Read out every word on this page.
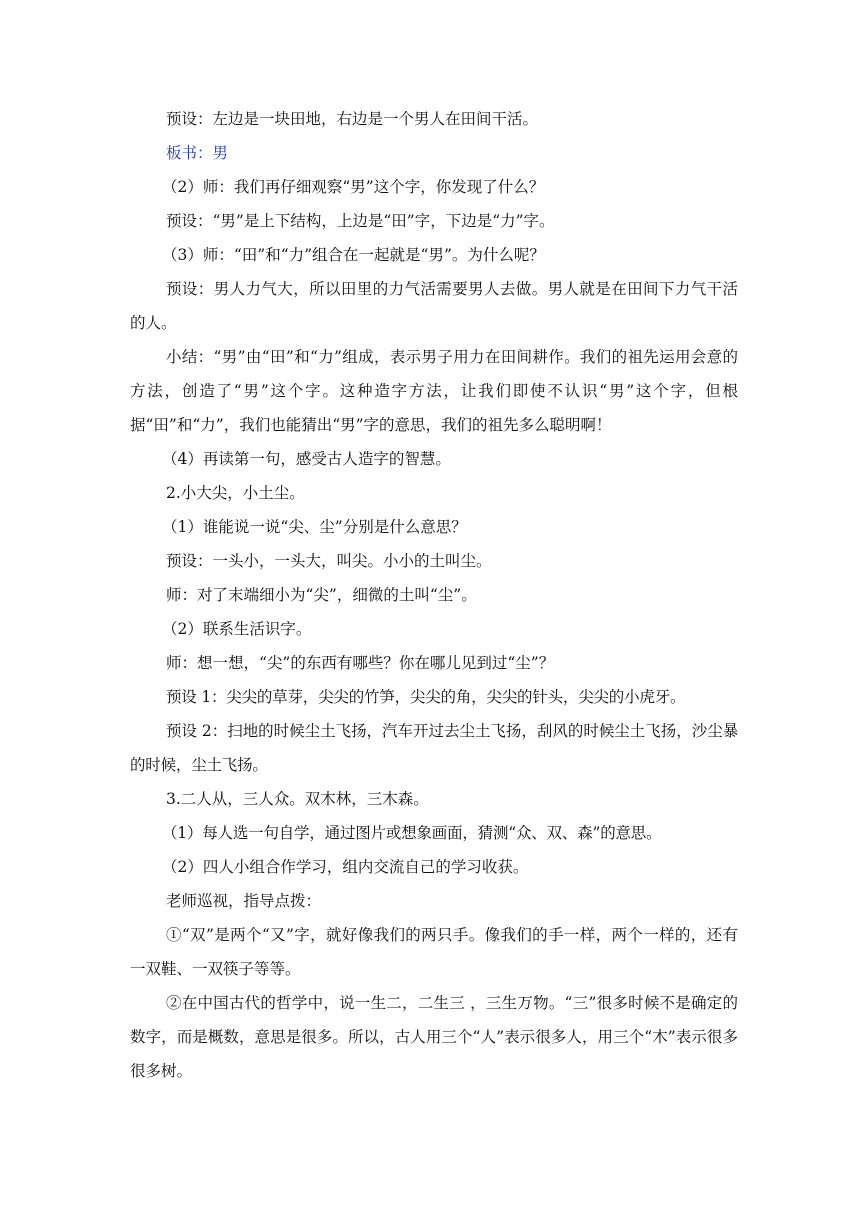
预设：左边是一块田地，右边是一个男人在田间干活。

板书：男

（2）师：我们再仔细观察“男”这个字，你发现了什么？

预设：“男”是上下结构，上边是“田”字，下边是“力”字。

（3）师：“田”和“力”组合在一起就是“男”。为什么呢？

预设：男人力气大，所以田里的力气活需要男人去做。男人就是在田间下力气干活的人。

小结：“男”由“田”和“力”组成，表示男子用力在田间耕作。我们的祖先运用会意的方法，创造了“男”这个字。这种造字方法，让我们即使不认识“男”这个字，但根据“田”和“力”，我们也能猜出“男”字的意思，我们的祖先多么聪明啊！

（4）再读第一句，感受古人造字的智慧。

2.小大尖，小土尘。

（1）谁能说一说“尖、尘”分别是什么意思？

预设：一头小，一头大，叫尖。小小的土叫尘。

师：对了末端细小为“尖”，细微的土叫“尘”。

（2）联系生活识字。

师：想一想，“尖”的东西有哪些？你在哪儿见到过“尘”？

预设 1：尖尖的草芽，尖尖的竹笋，尖尖的角，尖尖的针头，尖尖的小虎牙。

预设 2：扫地的时候尘土飞扬，汽车开过去尘土飞扬，刮风的时候尘土飞扬，沙尘暴的时候，尘土飞扬。

3.二人从，三人众。双木林，三木森。

（1）每人选一句自学，通过图片或想象画面，猜测“众、双、森”的意思。

（2）四人小组合作学习，组内交流自己的学习收获。

老师巡视，指导点拨：

①“双”是两个“又”字，就好像我们的两只手。像我们的手一样，两个一样的，还有一双鞋、一双筷子等等。

②在中国古代的哲学中，说一生二，二生三 ，三生万物。“三”很多时候不是确定的数字，而是概数，意思是很多。所以，古人用三个“人”表示很多人，用三个“木”表示很多很多树。
